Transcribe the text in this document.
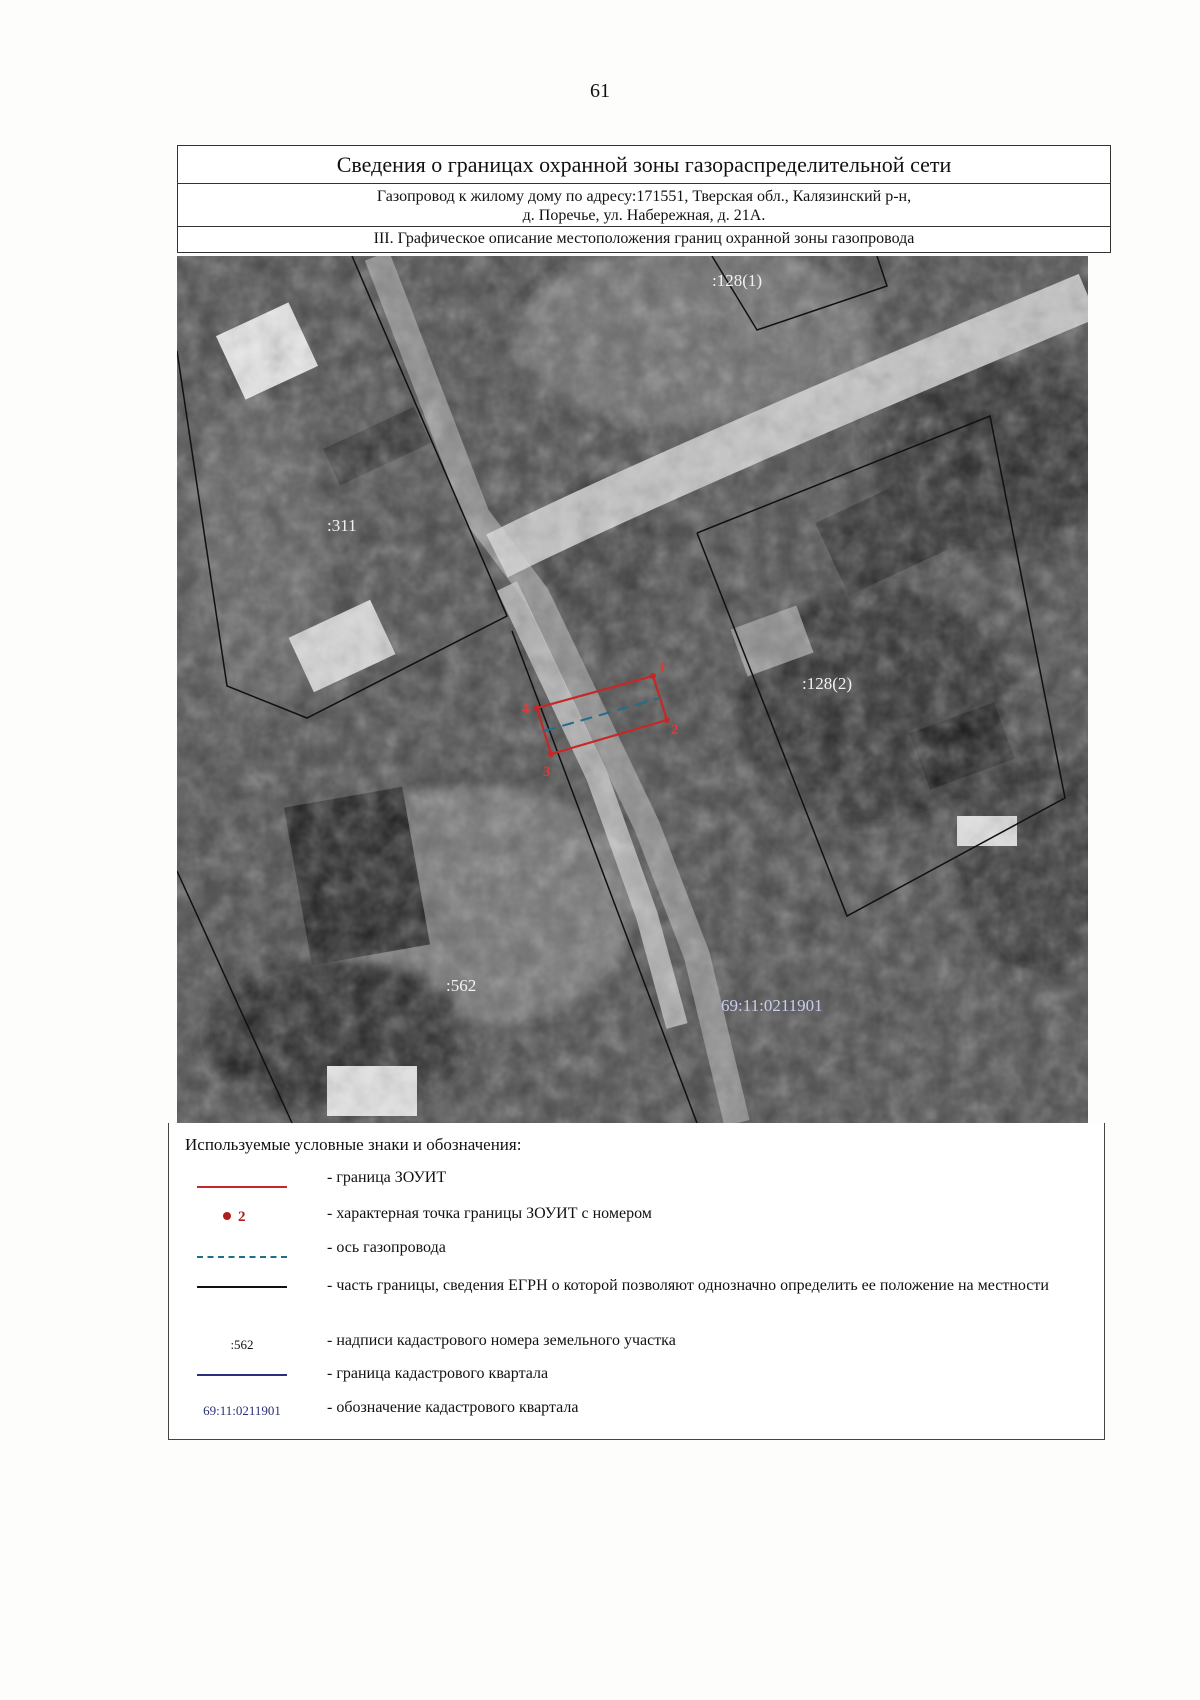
61
Сведения о границах охранной зоны газораспределительной сети
Газопровод к жилому дому по адресу:171551, Тверская обл., Калязинский р-н,
д. Поречье, ул. Набережная, д. 21А.
III. Графическое описание местоположения границ охранной зоны газопровода
:128(1)
:311
:128(2)
:562
69:11:0211901
1
2
3
4
Используемые условные знаки и обозначения:
- граница ЗОУИТ
2	- характерная точка границы ЗОУИТ с номером
- ось газопровода
- часть границы, сведения ЕГРН о которой позволяют однозначно определить ее положение на местности
:562	- надписи кадастрового номера земельного участка
- граница кадастрового квартала
69:11:0211901	- обозначение кадастрового квартала
